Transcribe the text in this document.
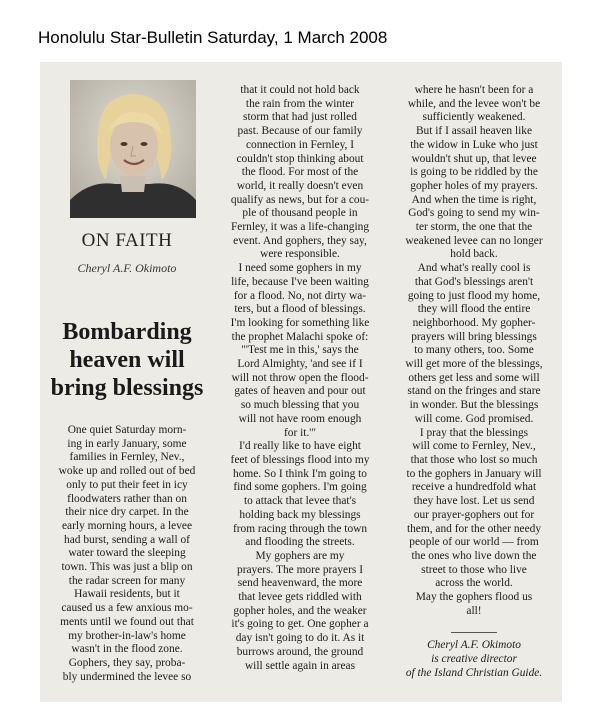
Honolulu Star-Bulletin Saturday, 1 March 2008
ON FAITH
Cheryl A.F. Okimoto
Bombarding
heaven will
bring blessings
One quiet Saturday morn-
ing in early January, some
families in Fernley, Nev.,
woke up and rolled out of bed
only to put their feet in icy
floodwaters rather than on
their nice dry carpet. In the
early morning hours, a levee
had burst, sending a wall of
water toward the sleeping
town. This was just a blip on
the radar screen for many
Hawaii residents, but it
caused us a few anxious mo-
ments until we found out that
my brother-in-law's home
wasn't in the flood zone.
Gophers, they say, proba-
bly undermined the levee so
that it could not hold back
the rain from the winter
storm that had just rolled
past. Because of our family
connection in Fernley, I
couldn't stop thinking about
the flood. For most of the
world, it really doesn't even
qualify as news, but for a cou-
ple of thousand people in
Fernley, it was a life-changing
event. And gophers, they say,
were responsible.
I need some gophers in my
life, because I've been waiting
for a flood. No, not dirty wa-
ters, but a flood of blessings.
I'm looking for something like
the prophet Malachi spoke of:
"'Test me in this,' says the
Lord Almighty, 'and see if I
will not throw open the flood-
gates of heaven and pour out
so much blessing that you
will not have room enough
for it.'"
I'd really like to have eight
feet of blessings flood into my
home. So I think I'm going to
find some gophers. I'm going
to attack that levee that's
holding back my blessings
from racing through the town
and flooding the streets.
My gophers are my
prayers. The more prayers I
send heavenward, the more
that levee gets riddled with
gopher holes, and the weaker
it's going to get. One gopher a
day isn't going to do it. As it
burrows around, the ground
will settle again in areas
where he hasn't been for a
while, and the levee won't be
sufficiently weakened.
But if I assail heaven like
the widow in Luke who just
wouldn't shut up, that levee
is going to be riddled by the
gopher holes of my prayers.
And when the time is right,
God's going to send my win-
ter storm, the one that the
weakened levee can no longer
hold back.
And what's really cool is
that God's blessings aren't
going to just flood my home,
they will flood the entire
neighborhood. My gopher-
prayers will bring blessings
to many others, too. Some
will get more of the blessings,
others get less and some will
stand on the fringes and stare
in wonder. But the blessings
will come. God promised.
I pray that the blessings
will come to Fernley, Nev.,
that those who lost so much
to the gophers in January will
receive a hundredfold what
they have lost. Let us send
our prayer-gophers out for
them, and for the other needy
people of our world — from
the ones who live down the
street to those who live
across the world.
May the gophers flood us
all!
Cheryl A.F. Okimoto
is creative director
of the Island Christian Guide.
